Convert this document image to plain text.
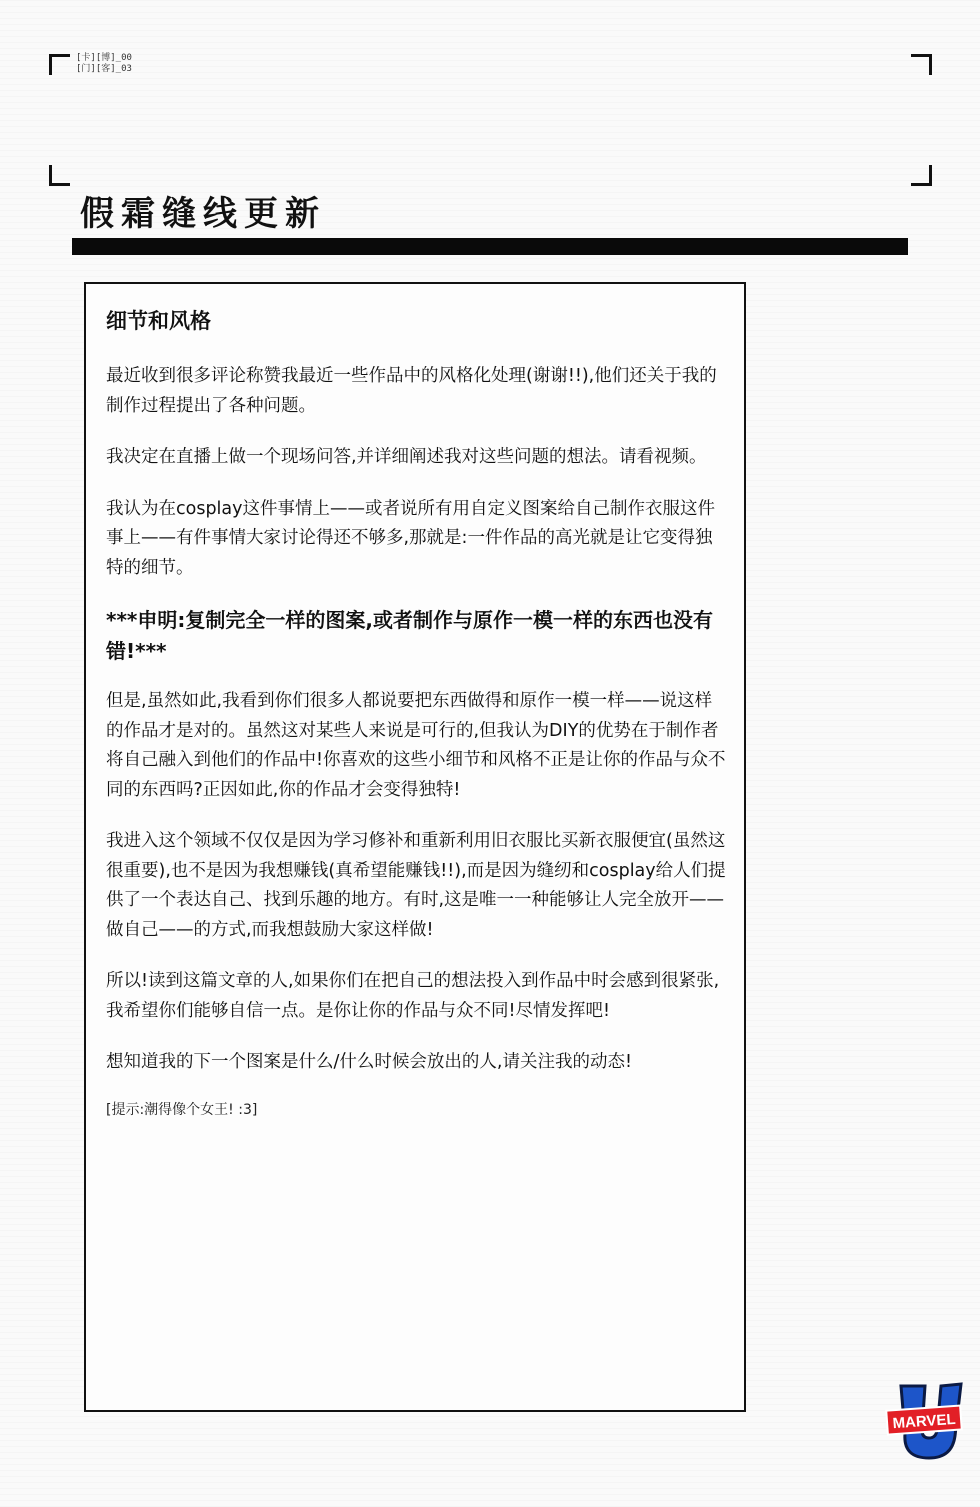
[卡][博]_00
[门][客]_03
假霜缝线更新
细节和风格

最近收到很多评论称赞我最近一些作品中的风格化处理(谢谢!!),他们还关于我的制作过程提出了各种问题。

我决定在直播上做一个现场问答,并详细阐述我对这些问题的想法。请看视频。

我认为在cosplay这件事情上——或者说所有用自定义图案给自己制作衣服这件事上——有件事情大家讨论得还不够多,那就是:一件作品的高光就是让它变得独特的细节。

***申明:复制完全一样的图案,或者制作与原作一模一样的东西也没有错!***

但是,虽然如此,我看到你们很多人都说要把东西做得和原作一模一样——说这样的作品才是对的。虽然这对某些人来说是可行的,但我认为DIY的优势在于制作者将自己融入到他们的作品中!你喜欢的这些小细节和风格不正是让你的作品与众不同的东西吗?正因如此,你的作品才会变得独特!

我进入这个领域不仅仅是因为学习修补和重新利用旧衣服比买新衣服便宜(虽然这很重要),也不是因为我想赚钱(真希望能赚钱!!),而是因为缝纫和cosplay给人们提供了一个表达自己、找到乐趣的地方。有时,这是唯一一种能够让人完全放开——做自己——的方式,而我想鼓励大家这样做!

所以!读到这篇文章的人,如果你们在把自己的想法投入到作品中时会感到很紧张,我希望你们能够自信一点。是你让你的作品与众不同!尽情发挥吧!

想知道我的下一个图案是什么/什么时候会放出的人,请关注我的动态!

[提示:潮得像个女王! :3]
MARVEL
